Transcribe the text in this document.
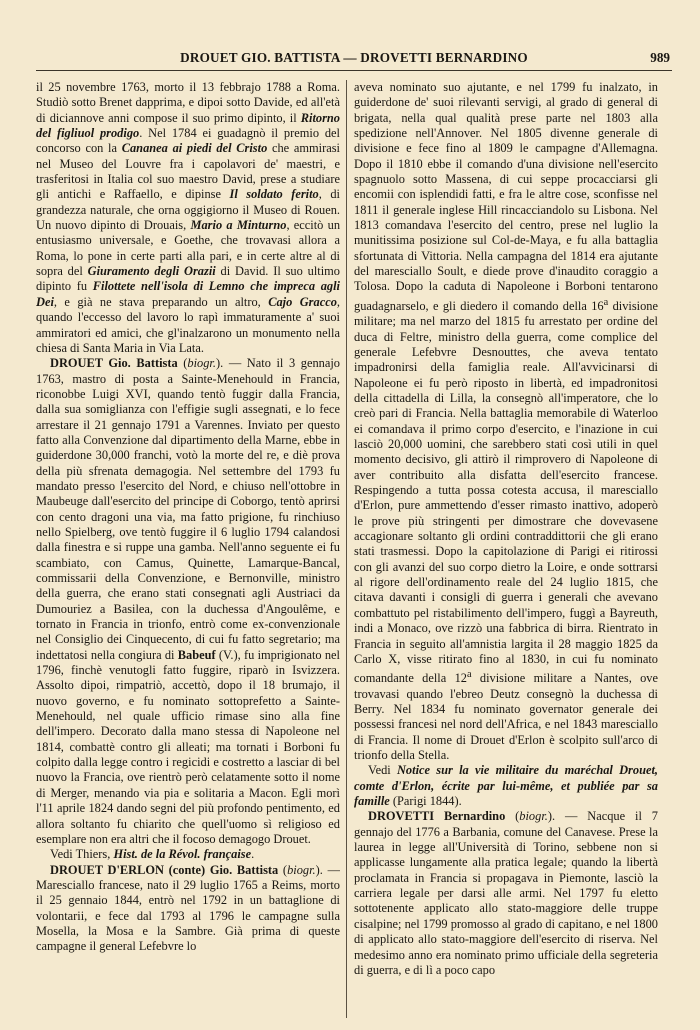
DROUET GIO. BATTISTA — DROVETTI BERNARDINO	989

il 25 novembre 1763, morto il 13 febbrajo 1788 a Roma. Studiò sotto Brenet dapprima, e dipoi sotto Davide, ed all'età di diciannove anni compose il suo primo dipinto, il Ritorno del figliuol prodigo. Nel 1784 ei guadagnò il premio del concorso con la Cananea ai piedi del Cristo che ammirasi nel Museo del Louvre fra i capolavori de' maestri, e trasferitosi in Italia col suo maestro David, prese a studiare gli antichi e Raffaello, e dipinse Il soldato ferito, di grandezza naturale, che orna oggigiorno il Museo di Rouen. Un nuovo dipinto di Drouais, Mario a Minturno, eccitò un entusiasmo universale, e Goethe, che trovavasi allora a Roma, lo pone in certe parti alla pari, e in certe altre al di sopra del Giuramento degli Orazii di David. Il suo ultimo dipinto fu Filottete nell'isola di Lemno che impreca agli Dei, e già ne stava preparando un altro, Cajo Gracco, quando l'eccesso del lavoro lo rapì immaturamente a' suoi ammiratori ed amici, che gl'inalzarono un monumento nella chiesa di Santa Maria in Via Lata.

DROUET Gio. Battista (biogr.). — Nato il 3 gennajo 1763, mastro di posta a Sainte-Menehould in Francia, riconobbe Luigi XVI, quando tentò fuggir dalla Francia, dalla sua somiglianza con l'effigie sugli assegnati, e lo fece arrestare il 21 gennajo 1791 a Varennes. Inviato per questo fatto alla Convenzione dal dipartimento della Marne, ebbe in guiderdone 30,000 franchi, votò la morte del re, e diè prova della più sfrenata demagogia. Nel settembre del 1793 fu mandato presso l'esercito del Nord, e chiuso nell'ottobre in Maubeuge dall'esercito del principe di Coborgo, tentò aprirsi con cento dragoni una via, ma fatto prigione, fu rinchiuso nello Spielberg, ove tentò fuggire il 6 luglio 1794 calandosi dalla finestra e si ruppe una gamba. Nell'anno seguente ei fu scambiato, con Camus, Quinette, Lamarque-Bancal, commissarii della Convenzione, e Bernonville, ministro della guerra, che erano stati consegnati agli Austriaci da Dumouriez a Basilea, con la duchessa d'Angoulême, e tornato in Francia in trionfo, entrò come ex-convenzionale nel Consiglio dei Cinquecento, di cui fu fatto segretario; ma indettatosi nella congiura di Babeuf (V.), fu imprigionato nel 1796, finchè venutogli fatto fuggire, riparò in Isvizzera. Assolto dipoi, rimpatriò, accettò, dopo il 18 brumajo, il nuovo governo, e fu nominato sottoprefetto a Sainte-Menehould, nel quale ufficio rimase sino alla fine dell'impero. Decorato dalla mano stessa di Napoleone nel 1814, combattè contro gli alleati; ma tornati i Borboni fu colpito dalla legge contro i regicidi e costretto a lasciar di bel nuovo la Francia, ove rientrò però celatamente sotto il nome di Merger, menando via pia e solitaria a Macon. Egli morì l'11 aprile 1824 dando segni del più profondo pentimento, ed allora soltanto fu chiarito che quell'uomo sì religioso ed esemplare non era altri che il focoso demagogo Drouet.

Vedi Thiers, Hist. de la Révol. française.

DROUET D'ERLON (conte) Gio. Battista (biogr.). — Maresciallo francese, nato il 29 luglio 1765 a Reims, morto il 25 gennaio 1844, entrò nel 1792 in un battaglione di volontarii, e fece dal 1793 al 1796 le campagne sulla Mosella, la Mosa e la Sambre. Già prima di queste campagne il general Lefebvre lo

aveva nominato suo ajutante, e nel 1799 fu inalzato, in guiderdone de' suoi rilevanti servigi, al grado di general di brigata, nella qual qualità prese parte nel 1803 alla spedizione nell'Annover. Nel 1805 divenne generale di divisione e fece fino al 1809 le campagne d'Allemagna. Dopo il 1810 ebbe il comando d'una divisione nell'esercito spagnuolo sotto Massena, di cui seppe procacciarsi gli encomii con isplendidi fatti, e fra le altre cose, sconfisse nel 1811 il generale inglese Hill rincacciandolo su Lisbona. Nel 1813 comandava l'esercito del centro, prese nel luglio la munitissima posizione sul Col-de-Maya, e fu alla battaglia sfortunata di Vittoria. Nella campagna del 1814 era ajutante del maresciallo Soult, e diede prove d'inaudito coraggio a Tolosa. Dopo la caduta di Napoleone i Borboni tentarono guadagnarselo, e gli diedero il comando della 16$^a$ divisione militare; ma nel marzo del 1815 fu arrestato per ordine del duca di Feltre, ministro della guerra, come complice del generale Lefebvre Desnouttes, che aveva tentato impadronirsi della famiglia reale. All'avvicinarsi di Napoleone ei fu però riposto in libertà, ed impadronitosi della cittadella di Lilla, la consegnò all'imperatore, che lo creò pari di Francia. Nella battaglia memorabile di Waterloo ei comandava il primo corpo d'esercito, e l'inazione in cui lasciò 20,000 uomini, che sarebbero stati così utili in quel momento decisivo, gli attirò il rimprovero di Napoleone di aver contribuito alla disfatta dell'esercito francese. Respingendo a tutta possa cotesta accusa, il maresciallo d'Erlon, pure ammettendo d'esser rimasto inattivo, adoperò le prove più stringenti per dimostrare che dovevasene accagionare soltanto gli ordini contraddittorii che gli erano stati trasmessi. Dopo la capitolazione di Parigi ei ritirossi con gli avanzi del suo corpo dietro la Loire, e onde sottrarsi al rigore dell'ordinamento reale del 24 luglio 1815, che citava davanti i consigli di guerra i generali che avevano combattuto pel ristabilimento dell'impero, fuggì a Bayreuth, indi a Monaco, ove rizzò una fabbrica di birra. Rientrato in Francia in seguito all'amnistia largita il 28 maggio 1825 da Carlo X, visse ritirato fino al 1830, in cui fu nominato comandante della 12$^a$ divisione militare a Nantes, ove trovavasi quando l'ebreo Deutz consegnò la duchessa di Berry. Nel 1834 fu nominato governator generale dei possessi francesi nel nord dell'Africa, e nel 1843 maresciallo di Francia. Il nome di Drouet d'Erlon è scolpito sull'arco di trionfo della Stella.

Vedi Notice sur la vie militaire du maréchal Drouet, comte d'Erlon, écrite par lui-même, et publiée par sa famille (Parigi 1844).

DROVETTI Bernardino (biogr.). — Nacque il 7 gennajo del 1776 a Barbania, comune del Canavese. Prese la laurea in legge all'Università di Torino, sebbene non si applicasse lungamente alla pratica legale; quando la libertà proclamata in Francia si propagava in Piemonte, lasciò la carriera legale per darsi alle armi. Nel 1797 fu eletto sottotenente applicato allo stato-maggiore delle truppe cisalpine; nel 1799 promosso al grado di capitano, e nel 1800 di applicato allo stato-maggiore dell'esercito di riserva. Nel medesimo anno era nominato primo ufficiale della segreteria di guerra, e di lì a poco capo
